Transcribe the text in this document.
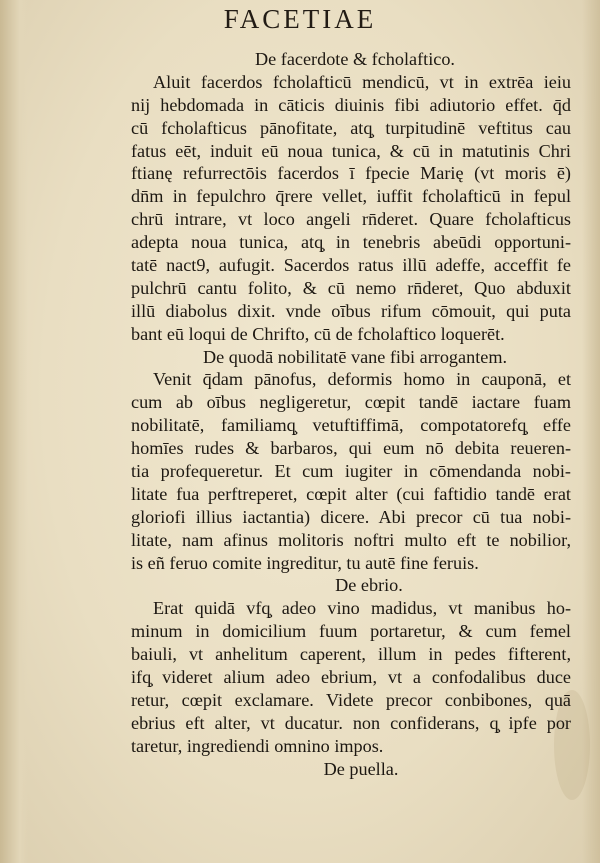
FACETIAE
De facerdote & fcholaftico.
Aluit facerdos fcholafticū mendicū, vt in extrēa ieiu
nij hebdomada in cāticis diuinis fibi adiutorio effet. q̄d
cū fcholafticus pānofitate, atq̧ turpitudinē veftitus cau
fatus eēt, induit eū noua tunica, & cū in matutinis Chri
ftianę refurrectōis facerdos ī fpecie Marię (vt moris ē)
dn̄m in fepulchro q̄rere vellet, iuffit fcholafticū in fepul
chrū intrare, vt loco angeli rn̄deret. Quare fcholafticus
adepta noua tunica, atq̧ in tenebris abeūdi opportuni-
tatē nact9, aufugit. Sacerdos ratus illū adeffe, acceffit fe
pulchrū cantu folito, & cū nemo rn̄deret, Quo abduxit
illū diabolus dixit. vnde oībus rifum cōmouit, qui puta
bant eū loqui de Chrifto, cū de fcholaftico loquerēt.
De quodā nobilitatē vane fibi arrogantem.
Venit q̄dam pānofus, deformis homo in cauponā, et
cum ab oībus negligeretur, cœpit tandē iactare fuam
nobilitatē, familiamq̧ vetuftiffimā, compotatorefq̧ effe
homīes rudes & barbaros, qui eum nō debita reueren-
tia profequeretur. Et cum iugiter in cōmendanda nobi-
litate fua perftreperet, cœpit alter (cui faftidio tandē erat
gloriofi illius iactantia) dicere. Abi precor cū tua nobi-
litate, nam afinus molitoris noftri multo eft te nobilior,
is eñ feruo comite ingreditur, tu autē fine feruis.
De ebrio.
Erat quidā vfq̧ adeo vino madidus, vt manibus ho-
minum in domicilium fuum portaretur, & cum femel
baiuli, vt anhelitum caperent, illum in pedes fifterent,
ifq̧ videret alium adeo ebrium, vt a confodalibus duce
retur, cœpit exclamare. Videte precor conbibones, quā
ebrius eft alter, vt ducatur. non confiderans, q̧ ipfe por
taretur, ingrediendi omnino impos.
De puella.
